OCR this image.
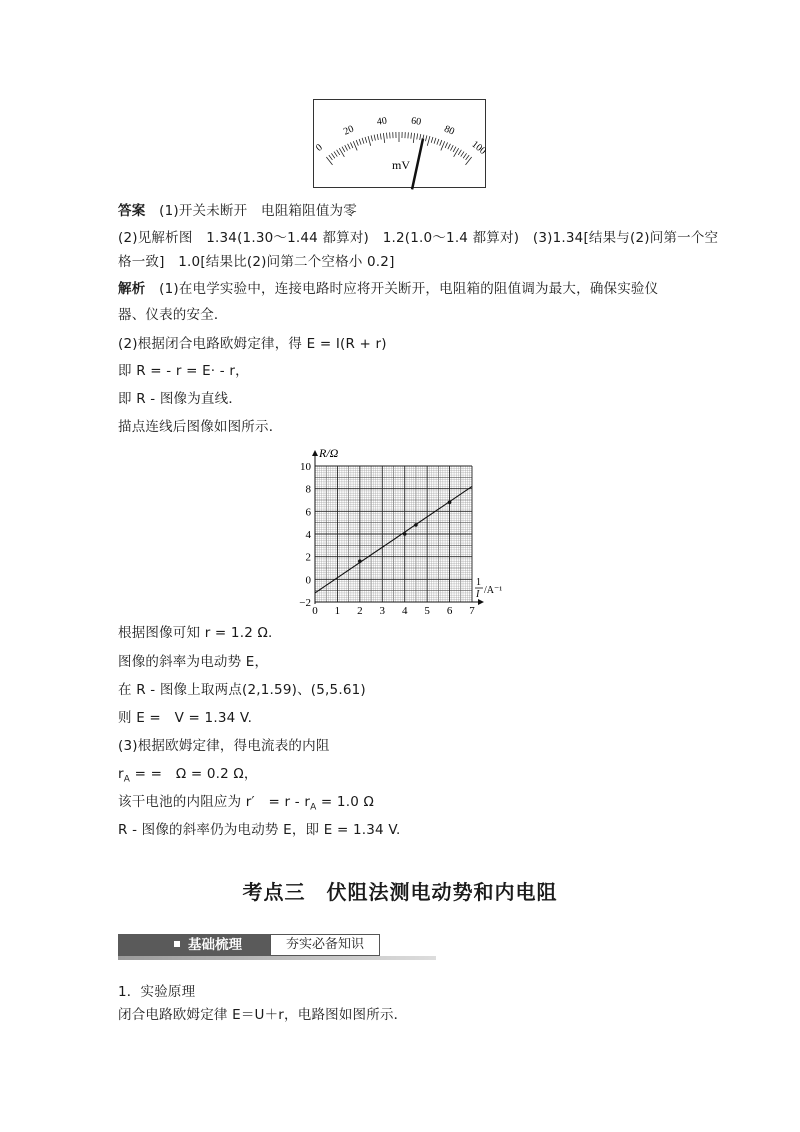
0
20
40 60
80
100
mV
答案　 (1)开关未断开　电阻箱阻值为零
(2)见解析图　1.34(1.30～1.44 都算对)　1.2(1.0～1.4 都算对)　(3)1.34[结果与(2)问第一个空
格一致]　1.0[结果比(2)问第二个空格小 0.2]
解析　 (1)在电学实验中，连接电路时应将开关断开，电阻箱的阻值调为最大，确保实验仪
器、仪表的安全．
(2)根据闭合电路欧姆定律，得 E = I(R + r)
即 R = - r = E· - r，
即 R - 图像为直线．
描点连线后图像如图所示．
−2
0
2
4
6
8
10
0 1 2 3 4 5 6 7
R/Ω
1
I /A⁻¹
根据图像可知 r = 1.2 Ω.
图像的斜率为电动势 E，
在 R - 图像上取两点(2,1.59)、(5,5.61)
则 E =　V = 1.34 V.
(3)根据欧姆定律，得电流表的内阻
$r_A$ = =　Ω = 0.2 Ω，
该干电池的内阻应为 r′　= $r - r_A = 1.0$ Ω
R - 图像的斜率仍为电动势 E，即 E = 1.34 V.
考点三　伏阻法测电动势和内电阻
基础梳理	夯实必备知识
1．实验原理
闭合电路欧姆定律 E＝U＋r，电路图如图所示．
